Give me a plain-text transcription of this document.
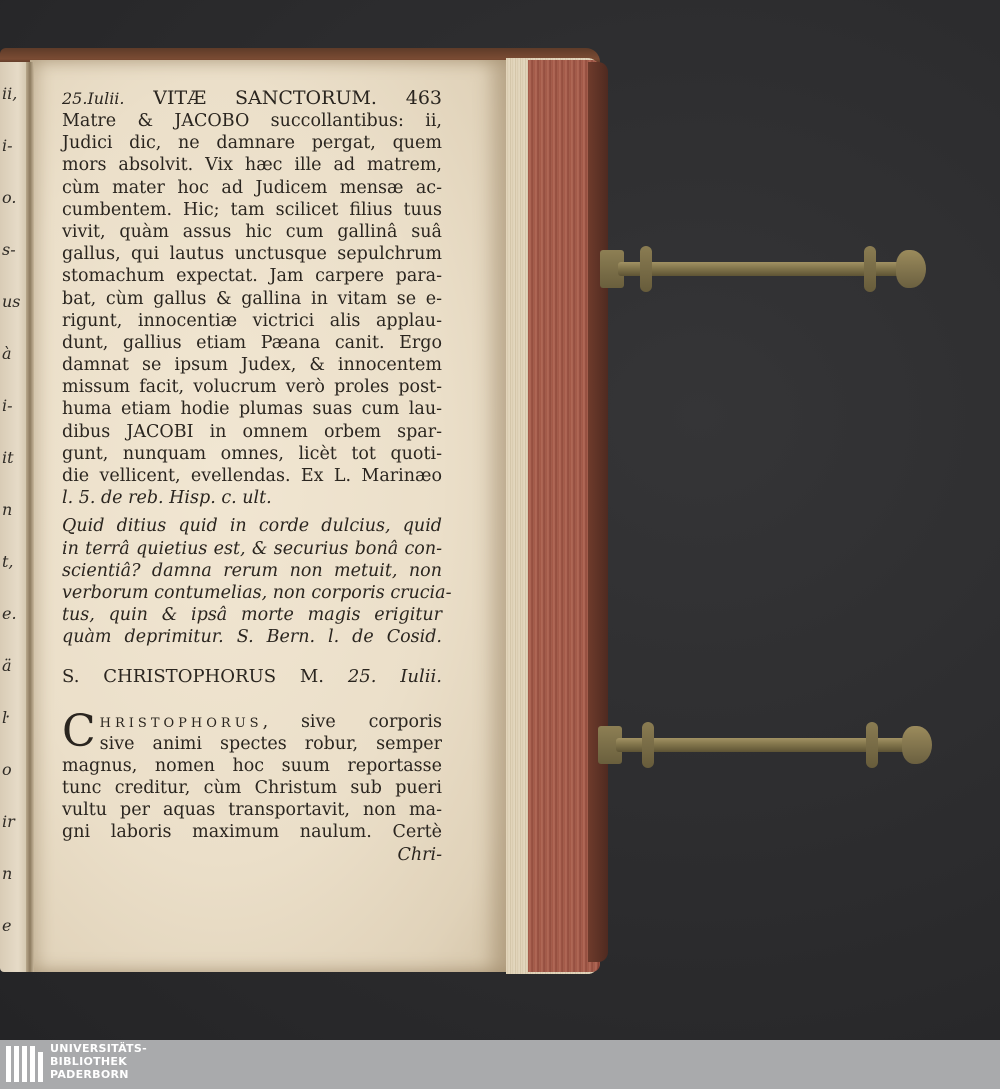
ii,
i-
o.
s-
us
à
i-
it
n
t,
e.
ä
ŀ
o
ir
n
e
25.Iulii. VITÆ SANCTORUM. 463
Matre & JACOBO succollantibus: ii,
Judici dic, ne damnare pergat, quem
mors absolvit. Vix hæc ille ad matrem,
cùm mater hoc ad Judicem mensæ ac-
cumbentem. Hic; tam scilicet filius tuus
vivit, quàm assus hic cum gallinâ suâ
gallus, qui lautus unctusque sepulchrum
stomachum expectat. Jam carpere para-
bat, cùm gallus & gallina in vitam se e-
rigunt, innocentiæ victrici alis applau-
dunt, gallius etiam Pæana canit. Ergo
damnat se ipsum Judex, & innocentem
missum facit, volucrum verò proles post-
huma etiam hodie plumas suas cum lau-
dibus JACOBI in omnem orbem spar-
gunt, nunquam omnes, licèt tot quoti-
die vellicent, evellendas. Ex L. Marinæo
l. 5. de reb. Hisp. c. ult.
Quid ditius quid in corde dulcius, quid
in terrâ quietius est, & securius bonâ con-
scientiâ? damna rerum non metuit, non
verborum contumelias, non corporis crucia-
tus, quin & ipsâ morte magis erigitur
quàm deprimitur. S. Bern. l. de Cosid.
S. CHRISTOPHORUS M. 25. Iulii.
C HRISTOPHORUS, sive corporis
sive animi spectes robur, semper
magnus, nomen hoc suum reportasse
tunc creditur, cùm Christum sub pueri
vultu per aquas transportavit, non ma-
gni laboris maximum naulum. Certè
Chri-
UNIVERSITÄTS-
BIBLIOTHEK
PADERBORN
